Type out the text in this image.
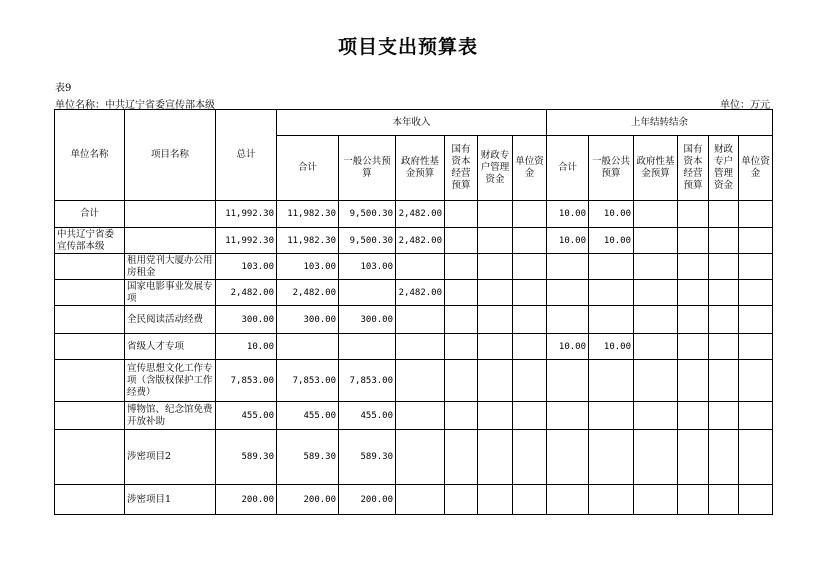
项目支出预算表
表9
单位名称：中共辽宁省委宣传部本级	单位：万元
单位名称	项目名称	总计	本年收入						上年结转结余					
			合计	一般公共预算	政府性基金预算	国有资本经营预算	财政专户管理资金	单位资金	合计	一般公共预算	政府性基金预算	国有资本经营预算	财政专户管理资金	单位资金
合计		11,992.30	11,982.30	9,500.30	2,482.00				10.00	10.00				
中共辽宁省委宣传部本级		11,992.30	11,982.30	9,500.30	2,482.00				10.00	10.00				
	租用党刊大厦办公用房租金	103.00	103.00	103.00										
	国家电影事业发展专项	2,482.00	2,482.00		2,482.00									
	全民阅读活动经费	300.00	300.00	300.00										
	省级人才专项	10.00							10.00	10.00				
	宣传思想文化工作专项（含版权保护工作经费）	7,853.00	7,853.00	7,853.00										
	博物馆、纪念馆免费开放补助	455.00	455.00	455.00										
	涉密项目2	589.30	589.30	589.30										
	涉密项目1	200.00	200.00	200.00										
